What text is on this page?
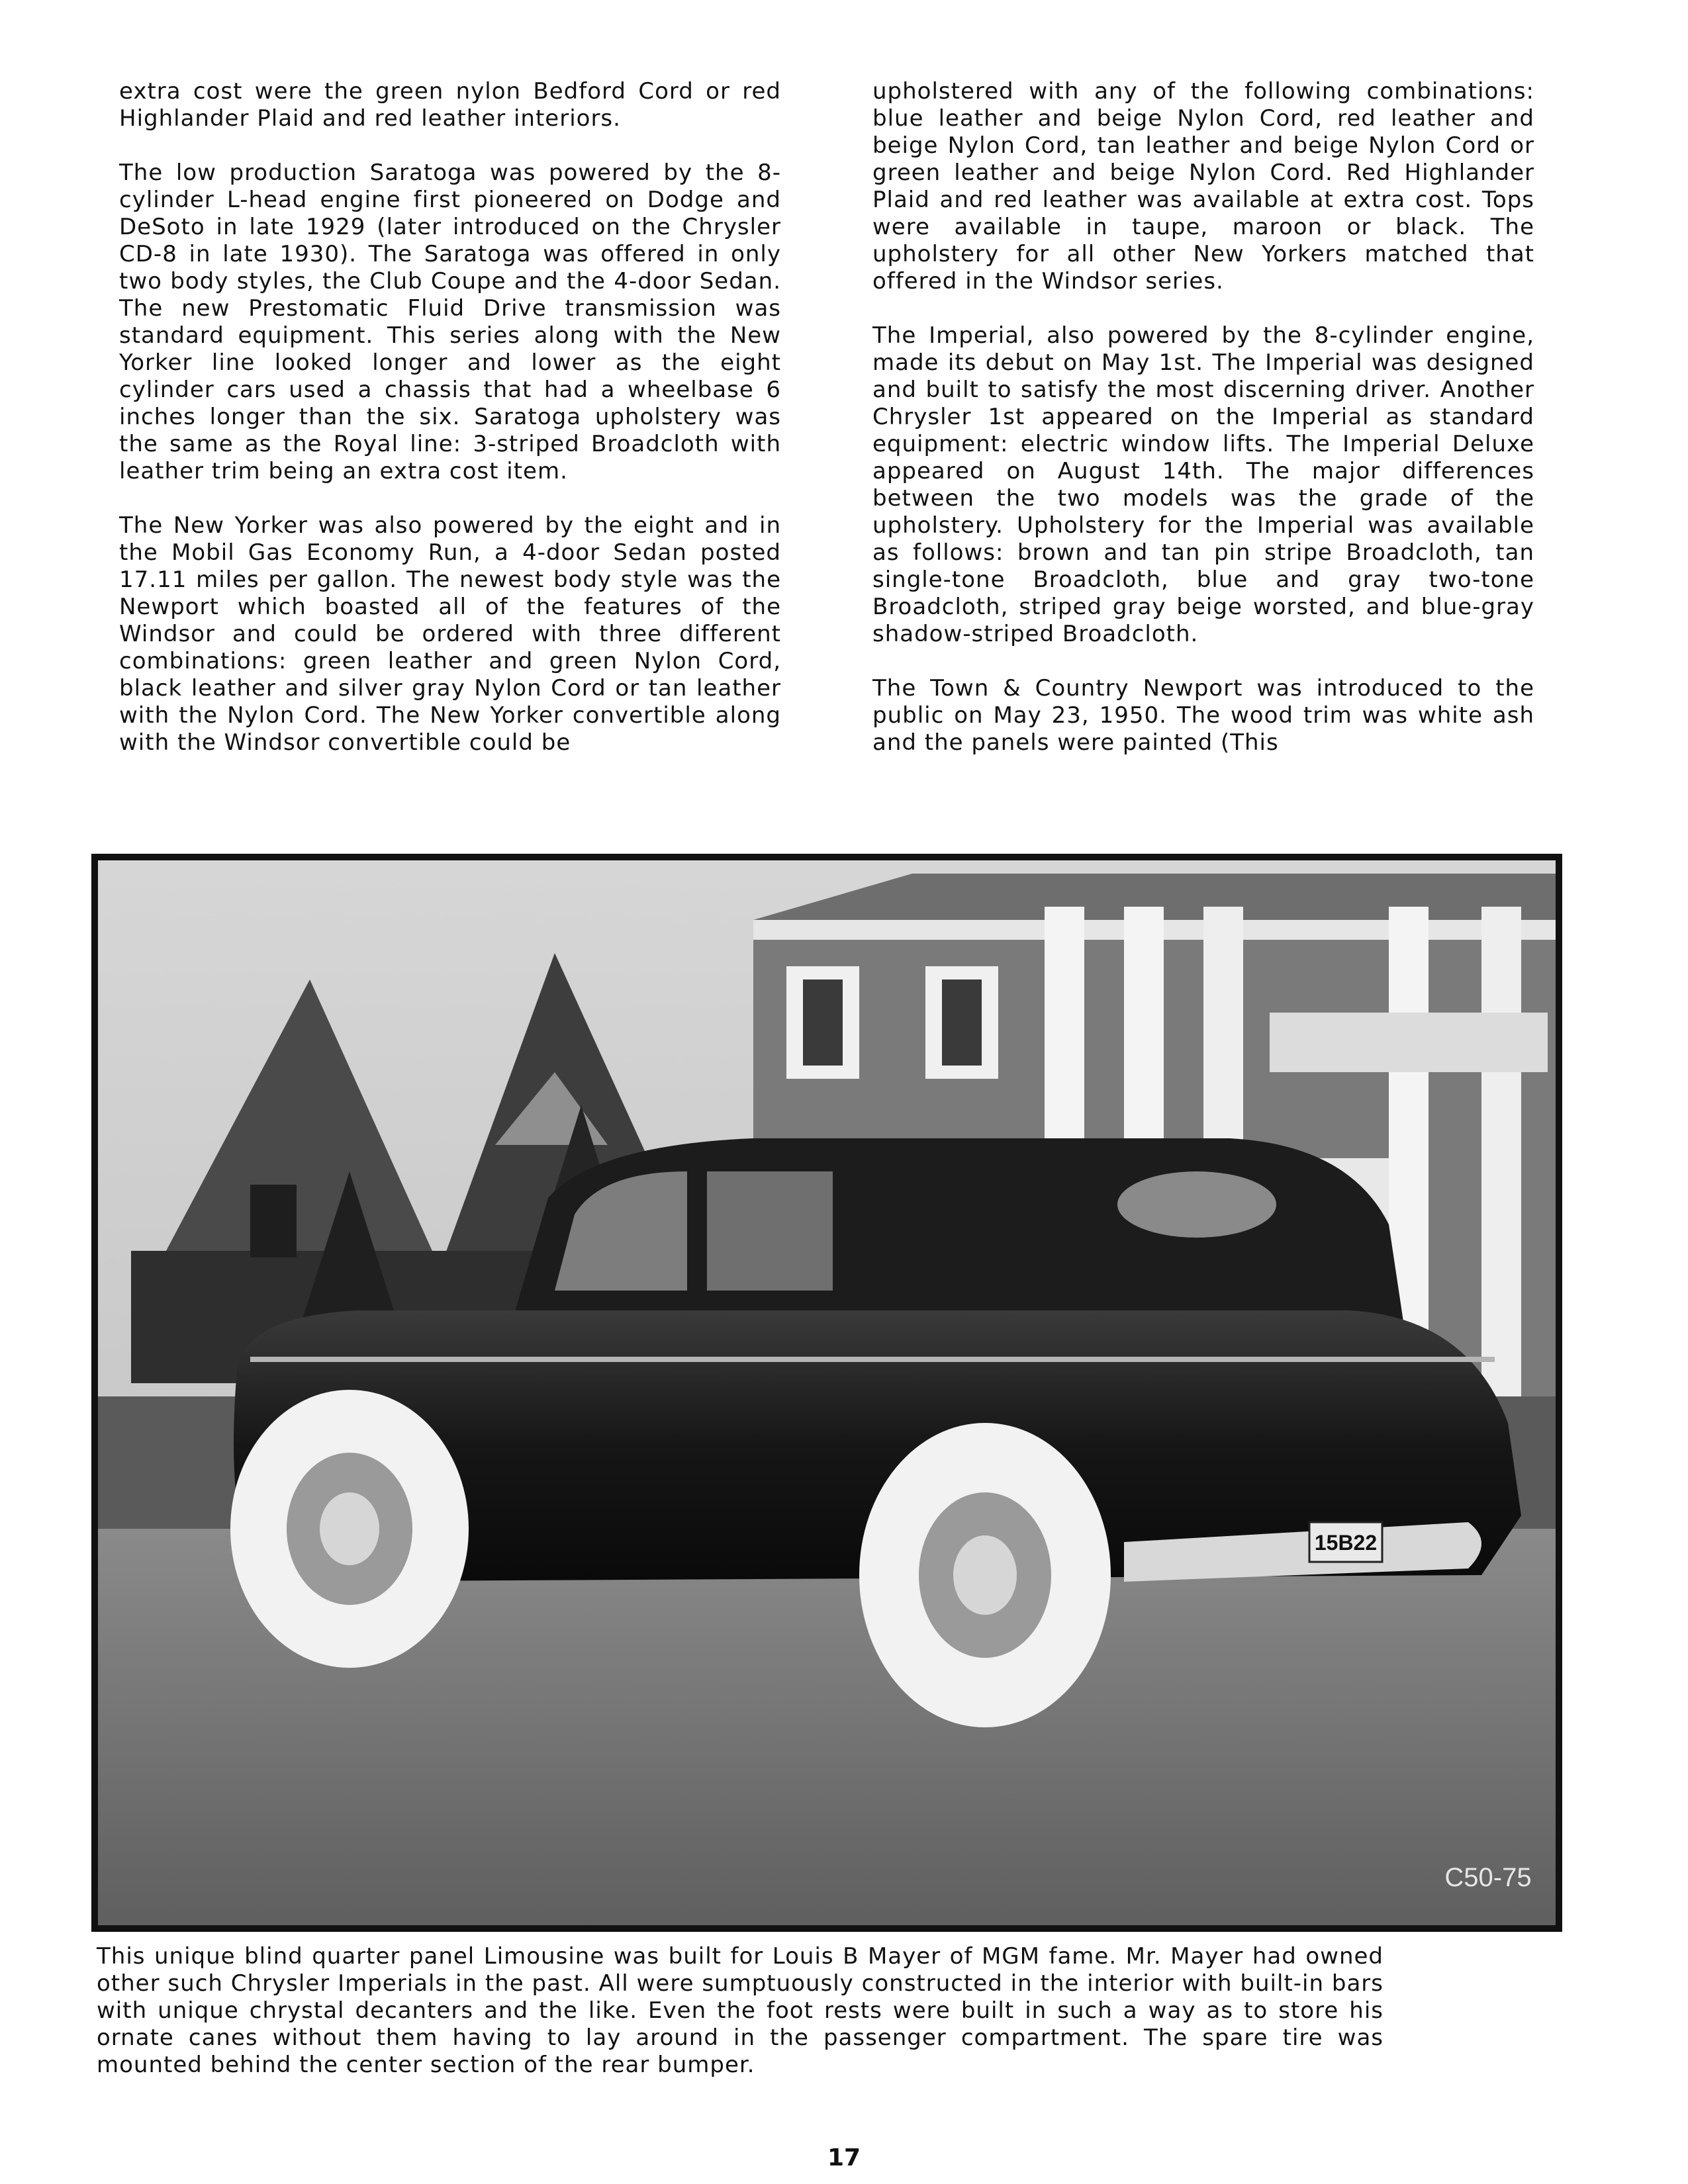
extra cost were the green nylon Bedford Cord or red Highlander Plaid and red leather interiors.

The low production Saratoga was powered by the 8-cylinder L-head engine first pioneered on Dodge and DeSoto in late 1929 (later introduced on the Chrysler CD-8 in late 1930). The Saratoga was offered in only two body styles, the Club Coupe and the 4-door Sedan. The new Prestomatic Fluid Drive transmission was standard equipment. This series along with the New Yorker line looked longer and lower as the eight cylinder cars used a chassis that had a wheelbase 6 inches longer than the six. Saratoga upholstery was the same as the Royal line: 3-striped Broadcloth with leather trim being an extra cost item.

The New Yorker was also powered by the eight and in the Mobil Gas Economy Run, a 4-door Sedan posted 17.11 miles per gallon. The newest body style was the Newport which boasted all of the features of the Windsor and could be ordered with three different combinations: green leather and green Nylon Cord, black leather and silver gray Nylon Cord or tan leather with the Nylon Cord. The New Yorker convertible along with the Windsor convertible could be

upholstered with any of the following combinations: blue leather and beige Nylon Cord, red leather and beige Nylon Cord, tan leather and beige Nylon Cord or green leather and beige Nylon Cord. Red Highlander Plaid and red leather was available at extra cost. Tops were available in taupe, maroon or black. The upholstery for all other New Yorkers matched that offered in the Windsor series.

The Imperial, also powered by the 8-cylinder engine, made its debut on May 1st. The Imperial was designed and built to satisfy the most discerning driver. Another Chrysler 1st appeared on the Imperial as standard equipment: electric window lifts. The Imperial Deluxe appeared on August 14th. The major differences between the two models was the grade of the upholstery. Upholstery for the Imperial was available as follows: brown and tan pin stripe Broadcloth, tan single-tone Broadcloth, blue and gray two-tone Broadcloth, striped gray beige worsted, and blue-gray shadow-striped Broadcloth.

The Town & Country Newport was introduced to the public on May 23, 1950. The wood trim was white ash and the panels were painted (This

15B22
C50-75
This unique blind quarter panel Limousine was built for Louis B Mayer of MGM fame. Mr. Mayer had owned other such Chrysler Imperials in the past. All were sumptuously constructed in the interior with built-in bars with unique chrystal decanters and the like. Even the foot rests were built in such a way as to store his ornate canes without them having to lay around in the passenger compartment. The spare tire was mounted behind the center section of the rear bumper.
17
